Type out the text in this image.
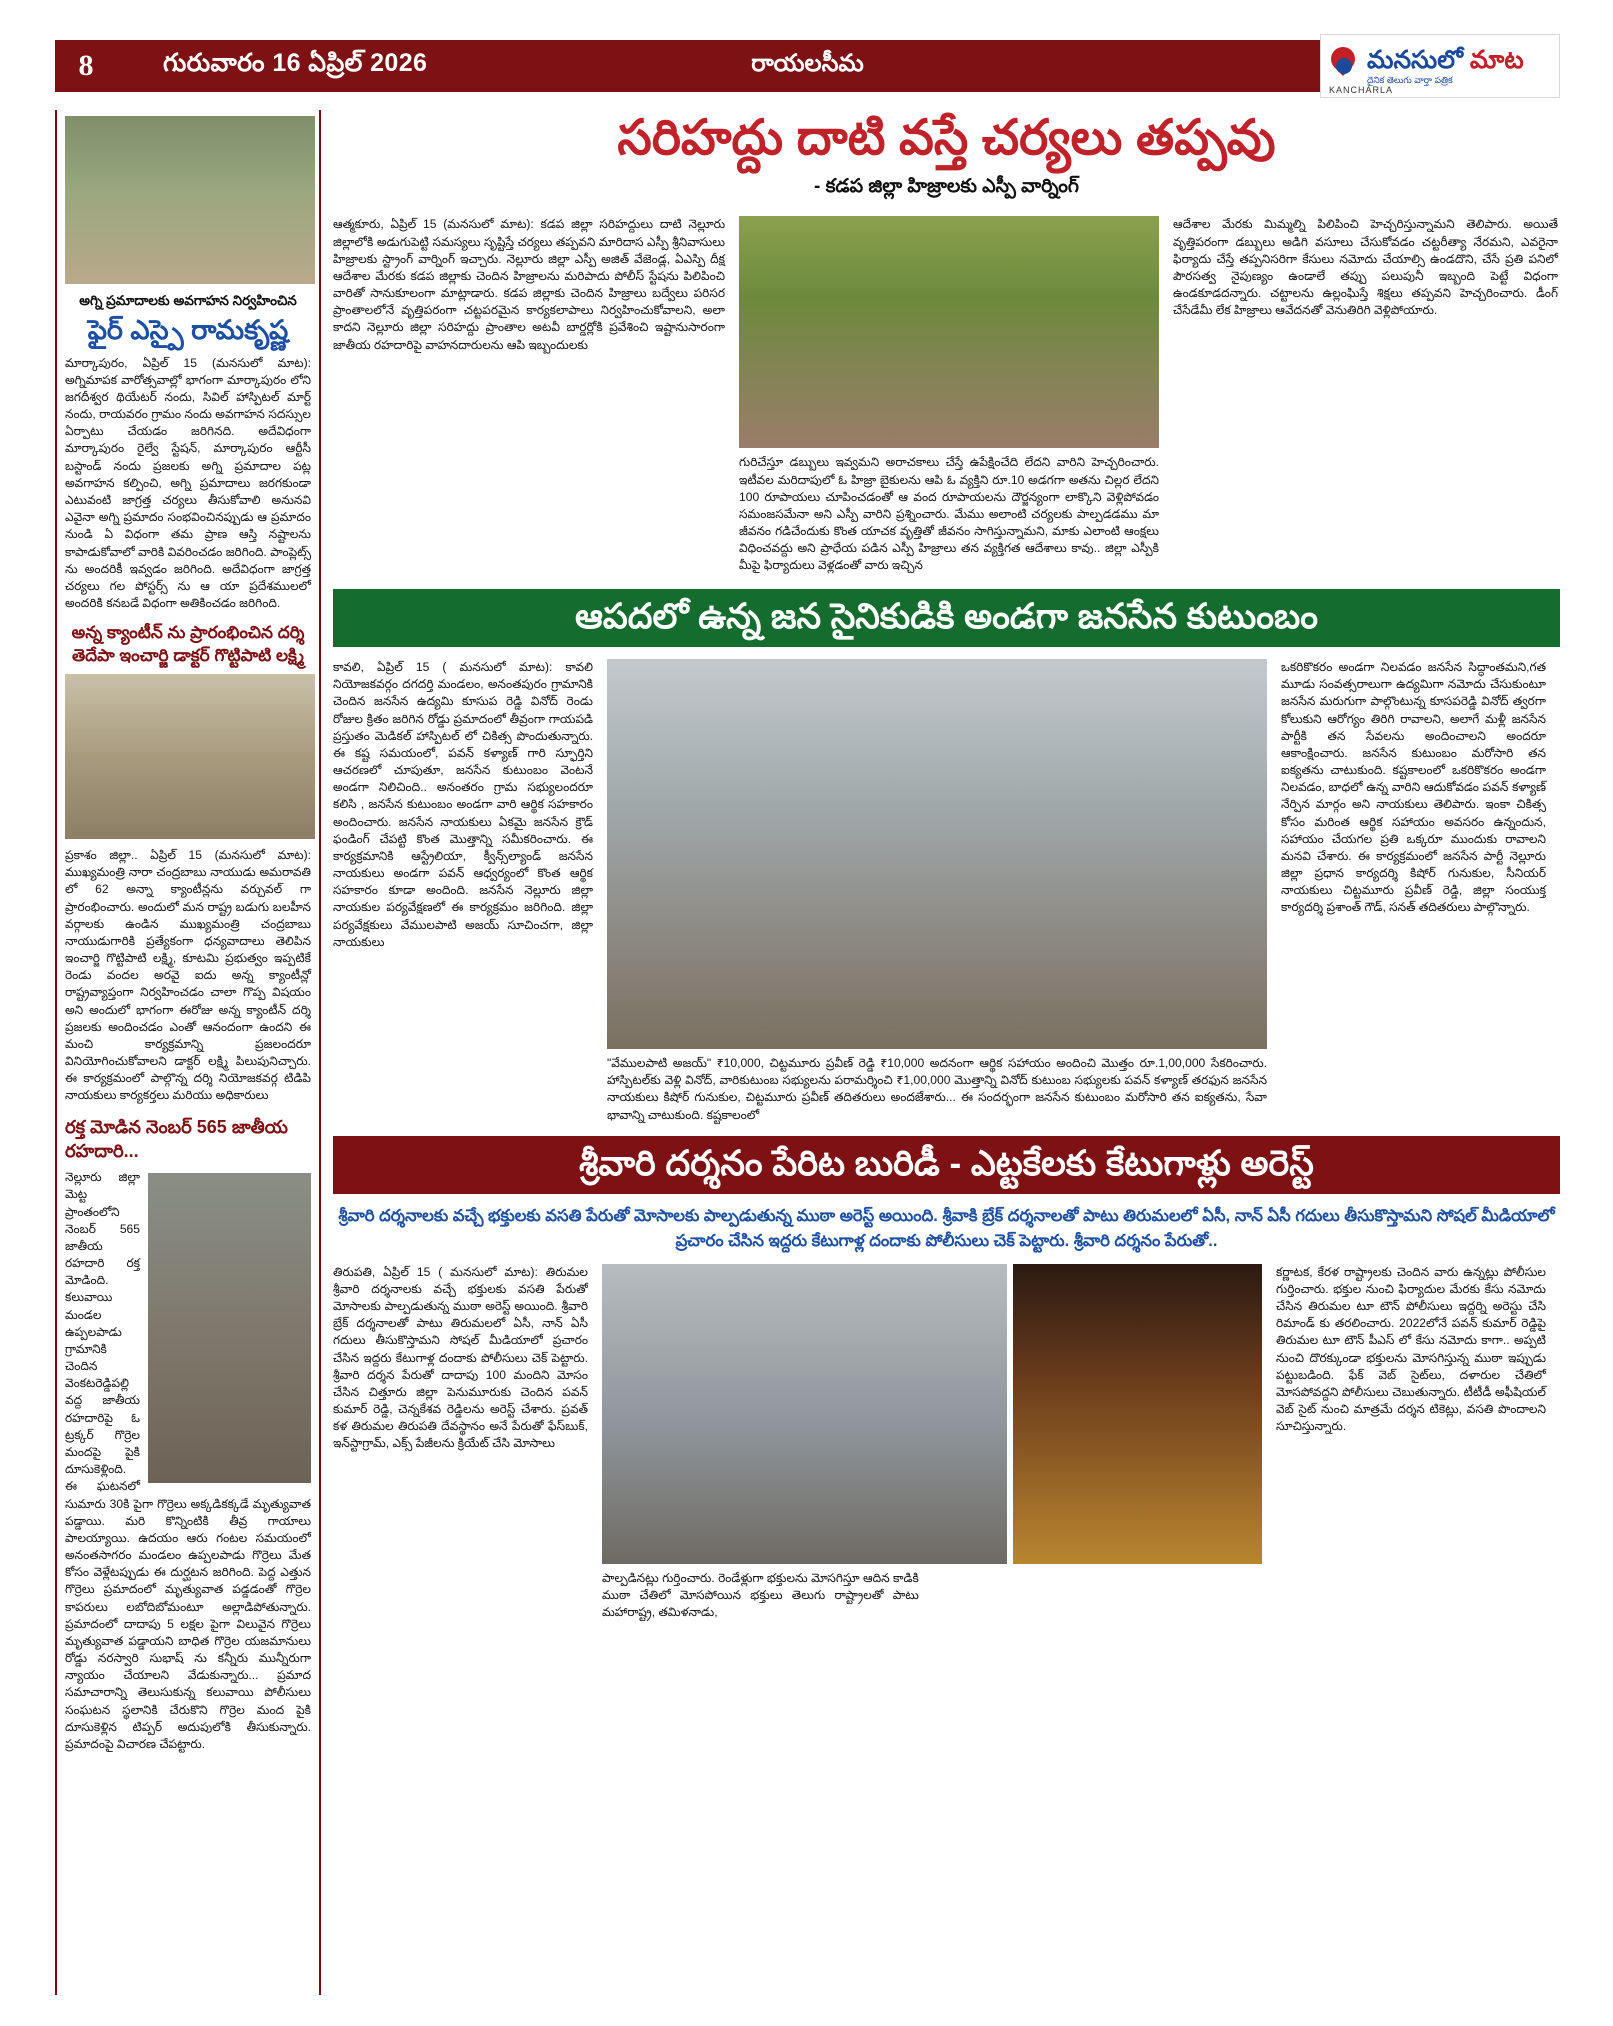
8	గురువారం 16 ఏప్రిల్ 2026	రాయలసీమ	మనసులో మాట
దైనిక తెలుగు వార్తా పత్రిక
KANCHARLA
అగ్ని ప్రమాదాలకు అవగాహన నిర్వహించిన
ఫైర్ ఎస్పై రామకృష్ణ
మార్కాపురం, ఏప్రిల్ 15 (మనసులో మాట): అగ్నిమాపక వారోత్సవాల్లో భాగంగా మార్కాపురం లోని జగదీశ్వర థియేటర్ నందు, సివిల్ హాస్పిటల్ మార్ట్ నందు, రాయవరం గ్రామం నందు అవగాహన సదస్సుల ఏర్పాటు చేయడం జరిగినది. అదేవిధంగా మార్కాపురం రైల్వే స్టేషన్, మార్కాపురం ఆర్టీసీ బస్టాండ్ నందు ప్రజలకు అగ్ని ప్రమాదాల పట్ల అవగాహన కల్పించి, అగ్ని ప్రమాదాలు జరగకుండా ఎటువంటి జాగ్రత్త చర్యలు తీసుకోవాలి అనునవి ఎవైనా అగ్ని ప్రమాదం సంభవించినప్పుడు ఆ ప్రమాదం నుండి ఏ విధంగా తమ ప్రాణ ఆస్తి నష్టాలను కాపాడుకోవాలో వారికి వివరించడం జరిగింది. పాంప్లెట్స్ ను అందరికీ ఇవ్వడం జరిగింది. అదేవిధంగా జాగ్రత్త చర్యలు గల పోస్టర్స్ ను ఆ యా ప్రదేశములలో అందరికి కనబడే విధంగా అతికించడం జరిగింది.
అన్న క్యాంటీన్ ను ప్రారంభించిన దర్శి తెదేపా ఇంచార్జి డాక్టర్ గొట్టిపాటి లక్ష్మి
ప్రకాశం జిల్లా.. ఏప్రిల్ 15 (మనసులో మాట): ముఖ్యమంత్రి నారా చంద్రబాబు నాయుడు అమరావతి లో 62 అన్నా క్యాంటీన్లను వర్చువల్ గా ప్రారంభించారు. అందులో మన రాష్ట్ర బడుగు బలహీన వర్గాలకు ఉండిన ముఖ్యమంత్రి చంద్రబాబు నాయుడుగారికి ప్రత్యేకంగా ధన్యవాదాలు తెలిపిన ఇంచార్జి గొట్టిపాటి లక్ష్మి, కూటమి ప్రభుత్వం ఇప్పటికే రెండు వందల అరవై ఐదు అన్న క్యాంటీన్లో రాష్ట్రవ్యాప్తంగా నిర్వహించడం చాలా గొప్ప విషయం అని అందులో భాగంగా ఈరోజు అన్న క్యాంటీన్ దర్శి ప్రజలకు అందించడం ఎంతో ఆనందంగా ఉందని ఈ మంచి కార్యక్రమాన్ని ప్రజలందరూ వినియోగించుకోవాలని డాక్టర్ లక్ష్మి పిలుపునిచ్చారు. ఈ కార్యక్రమంలో పాల్గొన్న దర్శి నియోజకవర్గ టిడిపి నాయకులు కార్యకర్తలు మరియు అధికారులు
రక్త మోడిన నెంబర్ 565 జాతీయ రహదారి...
నెల్లూరు జిల్లా మెట్ట ప్రాంతంలోని నెంబర్ 565 జాతీయ రహదారి రక్త మోడింది. కలువాయి మండల ఉప్పలపాడు గ్రామానికి చెందిన వెంకటరెడ్డిపల్లి వద్ద జాతీయ రహదారిపై ఓ ట్రక్కర్ గొర్రెల మందపై పైకి దూసుకెళ్లింది. ఈ ఘటనలో సుమారు 30కి పైగా గొర్రెలు అక్కడికక్కడే మృత్యువాత పడ్డాయి. మరి కొన్నింటికి తీవ్ర గాయాలు పాలయ్యాయి. ఉదయం ఆరు గంటల సమయంలో అనంతసాగరం మండలం ఉప్పలపాడు గొర్రెలు మేత కోసం వెళ్లేటప్పుడు ఈ దుర్ఘటన జరిగింది. పెద్ద ఎత్తున గొర్రెలు ప్రమాదంలో మృత్యువాత పడ్డడంతో గొర్రెల కాపరులు లబోదిబోమంటూ అల్లాడిపోతున్నారు. ప్రమాదంలో దాదాపు 5 లక్షల పైగా విలువైన గొర్రెలు మృత్యువాత పడ్డాయని బాధిత గొర్రెల యజమానులు రోడ్డు నరస్వారి సుభాష్ ను కన్నీరు మున్నీరుగా న్యాయం చేయాలని వేడుకున్నారు... ప్రమాద సమాచారాన్ని తెలుసుకున్న కలువాయి పోలీసులు సంఘటన స్థలానికి చేరుకొని గొర్రెల మంద పైకి దూసుకెళ్లిన టిప్పర్ అదుపులోకి తీసుకున్నారు. ప్రమాదంపై విచారణ చేపట్టారు.
సరిహద్దు దాటి వస్తే చర్యలు తప్పవు
- కడప జిల్లా హిజ్రాలకు ఎస్పీ వార్నింగ్
ఆత్మకూరు, ఏప్రిల్ 15 (మనసులో మాట): కడప జిల్లా సరిహద్దులు దాటి నెల్లూరు జిల్లాలోకి అడుగుపెట్టి సమస్యలు సృష్టిస్తే చర్యలు తప్పవని మారిదాస ఎస్పీ శ్రీనివాసులు హిజ్రాలకు స్ట్రాంగ్ వార్నింగ్ ఇచ్చారు. నెల్లూరు జిల్లా ఎస్పీ అజిత్ వేజెండ్ల, ఏఎస్పి దీక్ష ఆదేశాల మేరకు కడప జిల్లాకు చెందిన హిజ్రాలను మరిపాదు పోలీస్ స్టేషను పిలిపించి వారితో సానుకూలంగా మాట్లాడారు. కడప జిల్లాకు చెందిన హిజ్రాలు బద్వేలు పరిసర ప్రాంతాలలోనే వృత్తిపరంగా చట్టపరమైన కార్యకలాపాలు నిర్వహించుకోవాలని, అలా కాదని నెల్లూరు జిల్లా సరిహద్దు ప్రాంతాల అటవీ బార్డర్లోకి ప్రవేశించి ఇష్టానుసారంగా జాతీయ రహదారిపై వాహనదారులను ఆపి ఇబ్బందులకు
గురిచేస్తూ డబ్బులు ఇవ్వమని అరాచకాలు చేస్తే ఉపేక్షించేది లేదని వారిని హెచ్చరించారు. ఇటీవల మరిదాపులో ఓ హిజ్రా బైకులను ఆపి ఓ వ్యక్తిని రూ.10 అడగగా అతను చిల్లర లేదని 100 రూపాయలు చూపించడంతో ఆ వంద రూపాయలను దౌర్జన్యంగా లాక్కొని వెళ్లిపోవడం సమంజసమేనా అని ఎస్పీ వారిని ప్రశ్నించారు. మేము అలాంటి చర్యలకు పాల్పడడము మా జీవనం గడిచేందుకు కొంత యాచక వృత్తితో జీవనం సాగిస్తున్నామని, మాకు ఎలాంటి ఆంక్షలు విధించవద్దు అని ప్రాధేయ పడిన ఎస్పీ హిజ్రాలు తన వ్యక్తిగత ఆదేశాలు కావు.. జిల్లా ఎస్పీకి మీపై ఫిర్యాదులు వెళ్లడంతో వారు ఇచ్చిన
ఆదేశాల మేరకు మిమ్మల్ని పిలిపించి హెచ్చరిస్తున్నామని తెలిపారు. అయితే వృత్తిపరంగా డబ్బులు అడిగి వసూలు చేసుకోవడం చట్టరీత్యా నేరమని, ఎవరైనా ఫిర్యాదు చేస్తే తప్పనిసరిగా కేసులు నమోదు చేయాల్సి ఉండదొని, చేసే ప్రతి పనిలో పౌరసత్వ నైపుణ్యం ఉండాలే తప్పు పలుపునీ ఇబ్బంది పెట్టే విధంగా ఉండకూడదన్నారు. చట్టాలను ఉల్లంఘిస్తే శిక్షలు తప్పవని హెచ్చరించారు. డీంగ్ చేసేడేమీ లేక హిజ్రాలు ఆవేదనతో వెనుతిరిగి వెళ్లిపోయారు.
ఆపదలో ఉన్న జన సైనికుడికి అండగా జనసేన కుటుంబం
కావలి, ఏప్రిల్ 15 ( మనసులో మాట): కావలి నియోజకవర్గం దగదర్తి మండలం, అనంతపురం గ్రామానికి చెందిన జనసేన ఉద్యమి కూసుప రెడ్డి వినోద్ రెండు రోజుల క్రితం జరిగిన రోడ్డు ప్రమాదంలో తీవ్రంగా గాయపడి ప్రస్తుతం మెడికల్ హాస్పిటల్ లో చికిత్స పొందుతున్నారు. ఈ కష్ట సమయంలో, పవన్ కళ్యాణ్ గారి స్ఫూర్తిని ఆచరణలో చూపుతూ, జనసేన కుటుంబం వెంటనే అండగా నిలిచింది.. అనంతరం గ్రామ సభ్యులందరూ కలిసి , జనసేన కుటుంబం అండగా వారి ఆర్థిక సహకారం అందించారు. జనసేన నాయకులు ఏకమై జనసేన క్రౌడ్ ఫండింగ్ చేపట్టి కొంత మొత్తాన్ని సమీకరించారు. ఈ కార్యక్రమానికి ఆస్ట్రేలియా, క్వీన్స్‌ల్యాండ్ జనసేన నాయకులు అండగా పవన్ ఆధ్వర్యంలో కొంత ఆర్థిక సహకారం కూడా అందింది. జనసేన నెల్లూరు జిల్లా నాయకుల పర్యవేక్షణలో ఈ కార్యక్రమం జరిగింది. జిల్లా పర్యవేక్షకులు వేములపాటి అజయ్ సూచించగా, జిల్లా నాయకులు
"వేములపాటి అజయ్" ₹10,000, చిట్టమూరు ప్రవీణ్ రెడ్డి ₹10,000 అదనంగా ఆర్థిక సహాయం అందించి మొత్తం రూ.1,00,000 సేకరించారు. హాస్పిటల్‌కు వెళ్లి వినోద్, వారికుటుంబ సభ్యులను పరామర్శించి ₹1,00,000 మొత్తాన్ని వినోద్ కుటుంబ సభ్యులకు పవన్ కళ్యాణ్ తరఫున జనసేన నాయకులు కిషోర్ గునుకుల, చిట్టమూరు ప్రవీణ్ తదితరులు అందజేశారు... ఈ సందర్భంగా జనసేన కుటుంబం మరోసారి తన ఐక్యతను, సేవా భావాన్ని చాటుకుంది. కష్టకాలంలో
ఒకరికొకరం అండగా నిలవడం జనసేన సిద్ధాంతమని,గత మూడు సంవత్సరాలుగా ఉద్యమిగా నమోదు చేసుకుంటూ జనసేన మరుగుగా పాల్గొంటున్న కూసపరెడ్డి వినోద్ త్వరగా కోలుకుని ఆరోగ్యం తిరిగి రావాలని, అలాగే మళ్లీ జనసేన పార్టీకి తన సేవలను అందించాలని అందరూ ఆకాంక్షించారు. జనసేన కుటుంబం మరోసారి తన ఐక్యతను చాటుకుంది. కష్టకాలంలో ఒకరికొకరం అండగా నిలవడం, బాధలో ఉన్న వారిని ఆదుకోవడం పవన్ కళ్యాణ్ నేర్పిన మార్గం అని నాయకులు తెలిపారు. ఇంకా చికిత్స కోసం మరింత ఆర్థిక సహాయం అవసరం ఉన్నందున, సహాయం చేయగల ప్రతి ఒక్కరూ ముందుకు రావాలని మనవి చేశారు. ఈ కార్యక్రమంలో జనసేన పార్టీ నెల్లూరు జిల్లా ప్రధాన కార్యదర్శి కిషోర్ గునుకుల, సీనియర్ నాయకులు చిట్టమూరు ప్రవీణ్ రెడ్డి, జిల్లా సంయుక్త కార్యదర్శి ప్రశాంత్ గౌడ్, సనత్ తదితరులు పాల్గొన్నారు.
శ్రీవారి దర్శనం పేరిట బురిడీ - ఎట్టకేలకు కేటుగాళ్లు అరెస్ట్
శ్రీవారి దర్శనాలకు వచ్చే భక్తులకు వసతి పేరుతో మోసాలకు పాల్పడుతున్న ముఠా అరెస్ట్ అయింది. శ్రీవాకి బ్రేక్ దర్శనాలతో పాటు తిరుమలలో ఏసీ, నాన్ ఏసీ గదులు తీసుకొస్తామని సోషల్ మీడియాలో ప్రచారం చేసిన ఇద్దరు కేటుగాళ్ల దందాకు పోలీసులు చెక్ పెట్టారు. శ్రీవారి దర్శనం పేరుతో..
తిరుపతి, ఏప్రిల్ 15 ( మనసులో మాట): తిరుమల శ్రీవారి దర్శనాలకు వచ్చే భక్తులకు వసతి పేరుతో మోసాలకు పాల్పడుతున్న ముఠా అరెస్ట్ అయింది. శ్రీవారి బ్రేక్ దర్శనాలతో పాటు తిరుమలలో ఏసీ, నాన్ ఏసీ గదులు తీసుకొస్తామని సోషల్ మీడియాలో ప్రచారం చేసిన ఇద్దరు కేటుగాళ్ల దందాకు పోలీసులు చెక్ పెట్టారు. శ్రీవారి దర్శన పేరుతో దాదాపు 100 మందిని మోసం చేసిన చిత్తూరు జిల్లా పెనుమూరుకు చెందిన పవన్ కుమార్ రెడ్డి, చెన్నకేశవ రెడ్డిలను అరెస్ట్ చేశారు. ప్రవత్ కళ తిరుమల తిరుపతి దేవస్థానం అనే పేరుతో ఫేస్‌బుక్, ఇన్‌స్టాగ్రామ్, ఎక్స్ పేజీలను క్రియేట్ చేసి మోసాలు
పాల్పడినట్లు గుర్తించారు. రెండేళ్లుగా భక్తులను మోసగిస్తూ ఆదిన కాడికి ముఠా చేతిలో మోసపోయిన భక్తులు తెలుగు రాష్ట్రాలతో పాటు మహారాష్ట్ర, తమిళనాడు,
కర్ణాటక, కేరళ రాష్ట్రాలకు చెందిన వారు ఉన్నట్లు పోలీసుల గుర్తించారు. భక్తుల నుంచి ఫిర్యాదుల మేరకు కేసు నమోదు చేసిన తిరుమల టూ టౌన్ పోలీసులు ఇద్దర్ని అరెస్టు చేసి రిమాండ్ కు తరలించారు. 2022లోనే పవన్ కుమార్ రెడ్డిపై తిరుమల టూ టౌన్ పీఎస్ లో కేసు నమోదు కాగా.. అప్పటి నుంచి దొరక్కుండా భక్తులను మోసగిస్తున్న ముఠా ఇప్పుడు పట్టుబడింది. ఫేక్ వెబ్ సైట్‌లు, దళారుల చేతిలో మోసపోవద్దని పోలీసులు చెబుతున్నారు. టీటీడీ అఫీషియల్ వెబ్ సైట్ నుంచి మాత్రమే దర్శన టికెట్లు, వసతి పొందాలని సూచిస్తున్నారు.
